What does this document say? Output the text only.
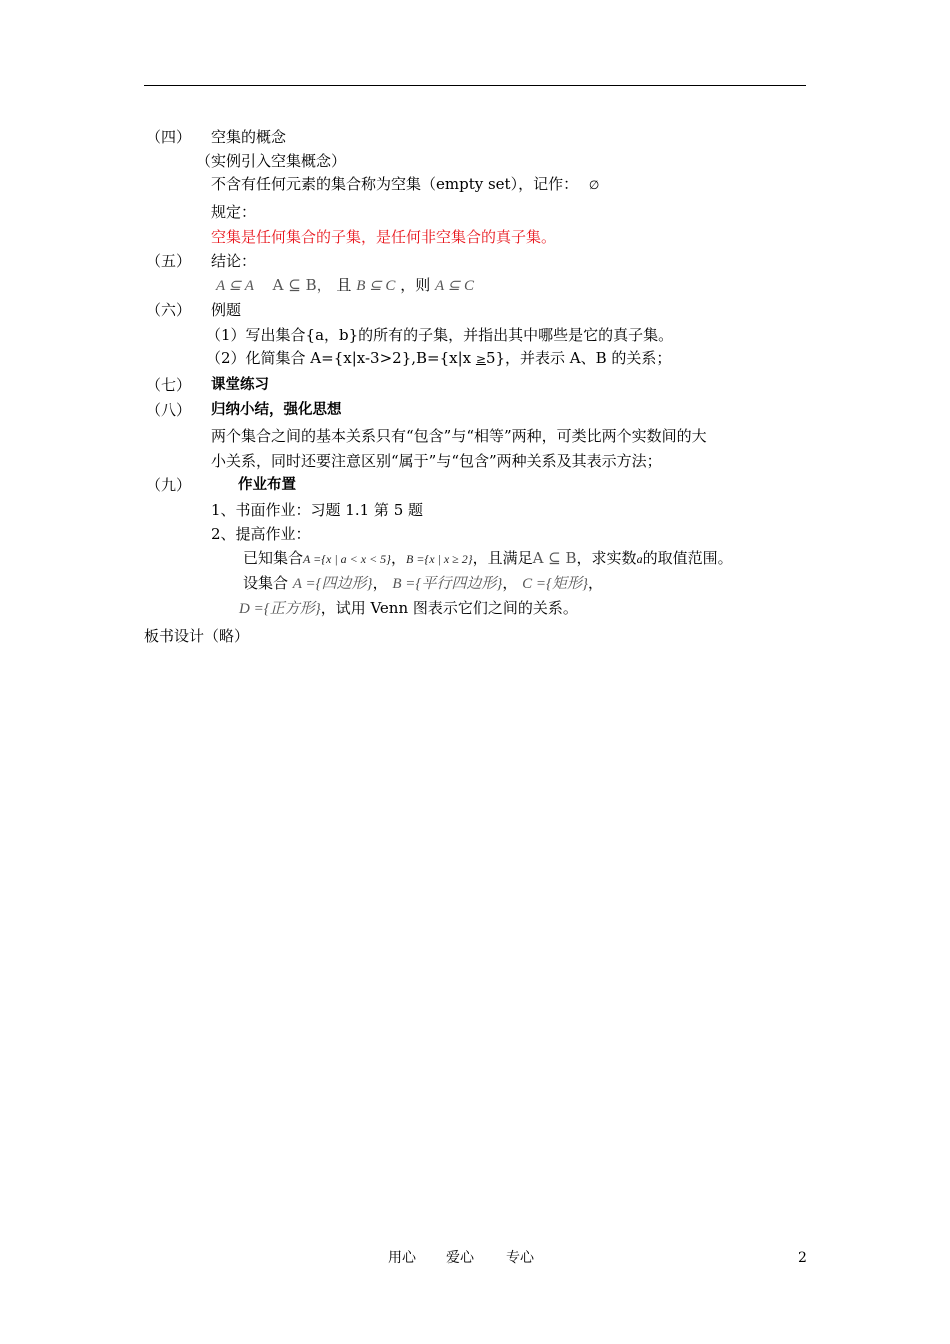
（四） 空集的概念
（实例引入空集概念）
不含有任何元素的集合称为空集（empty set），记作： ∅
规定：
空集是任何集合的子集，是任何非空集合的真子集。
（五） 结论：
A ⊆ A A ⊆ B， 且 B ⊆ C ，则 A ⊆ C
（六） 例题
（1）写出集合{a，b}的所有的子集，并指出其中哪些是它的真子集。
（2）化简集合 A={x|x-3>2},B={x|x ≥5}，并表示 A、B 的关系；
（七） 课堂练习
（八） 归纳小结，强化思想
两个集合之间的基本关系只有“包含”与“相等”两种，可类比两个实数间的大
小关系，同时还要注意区别“属于”与“包含”两种关系及其表示方法；
（九）	作业布置
1、书面作业：习题 1.1 第 5 题
2、提高作业：
已知集合A ={x | a < x < 5}，B ={x | x ≥ 2}，且满足A ⊆ B，求实数a的取值范围。
设集合 A ={四边形}， B ={平行四边形}， C ={矩形}，
D ={正方形}，试用 Venn 图表示它们之间的关系。
板书设计（略）
用心 爱心 专心	2
